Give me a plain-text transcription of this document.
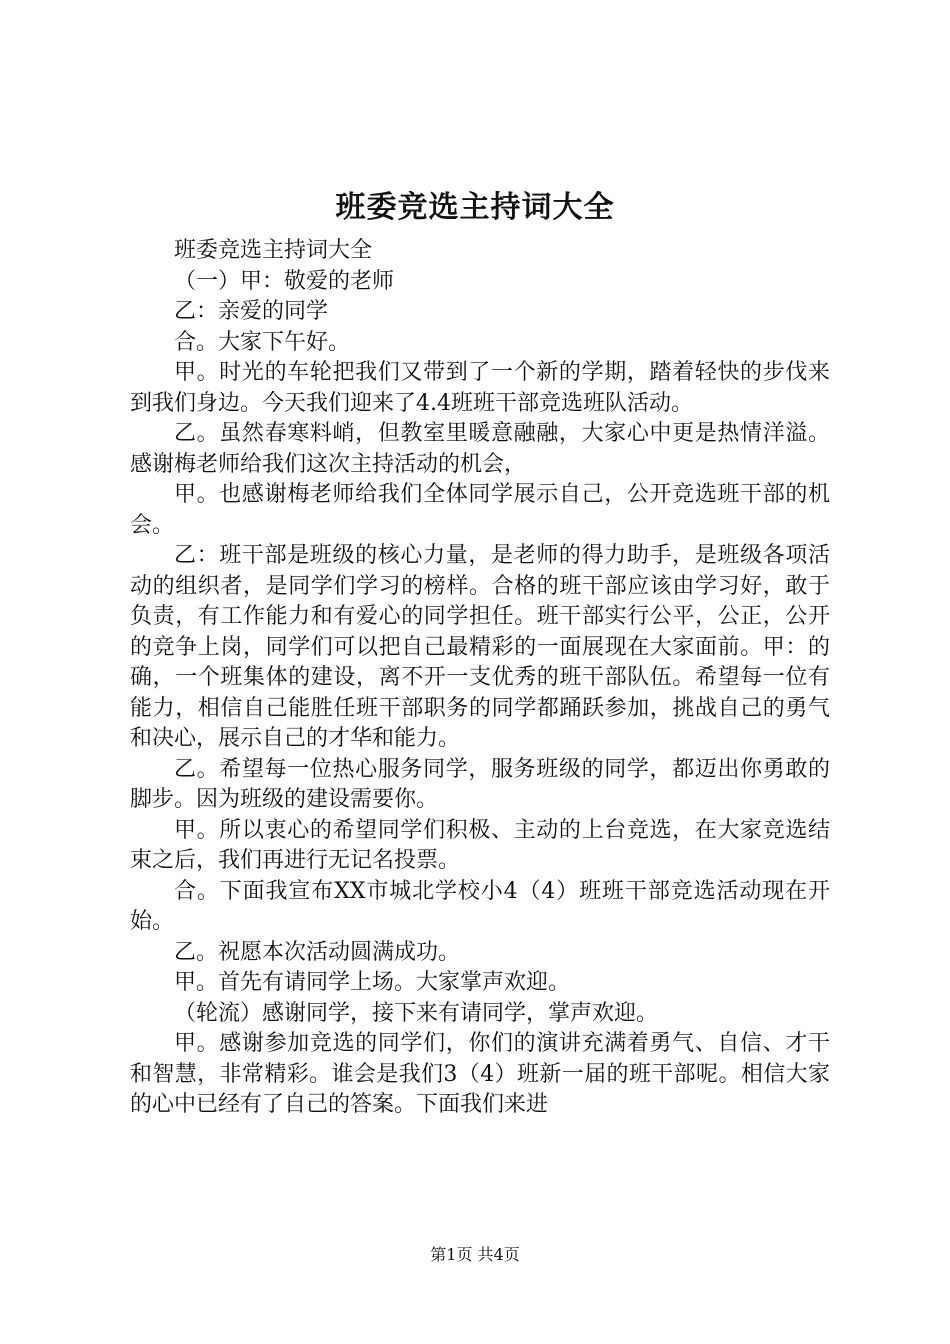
班委竞选主持词大全

班委竞选主持词大全

（一）甲：敬爱的老师

乙：亲爱的同学

合。大家下午好。

甲。时光的车轮把我们又带到了一个新的学期，踏着轻快的步伐来到我们身边。今天我们迎来了4.4班班干部竞选班队活动。

乙。虽然春寒料峭，但教室里暖意融融，大家心中更是热情洋溢。感谢梅老师给我们这次主持活动的机会，

甲。也感谢梅老师给我们全体同学展示自己，公开竞选班干部的机会。

乙：班干部是班级的核心力量，是老师的得力助手，是班级各项活动的组织者，是同学们学习的榜样。合格的班干部应该由学习好，敢于负责，有工作能力和有爱心的同学担任。班干部实行公平，公正，公开的竞争上岗，同学们可以把自己最精彩的一面展现在大家面前。甲：的确，一个班集体的建设，离不开一支优秀的班干部队伍。希望每一位有能力，相信自己能胜任班干部职务的同学都踊跃参加，挑战自己的勇气和决心，展示自己的才华和能力。

乙。希望每一位热心服务同学，服务班级的同学，都迈出你勇敢的脚步。因为班级的建设需要你。

甲。所以衷心的希望同学们积极、主动的上台竞选，在大家竞选结束之后，我们再进行无记名投票。

合。下面我宣布XX市城北学校小4（4）班班干部竞选活动现在开始。

乙。祝愿本次活动圆满成功。

甲。首先有请同学上场。大家掌声欢迎。

（轮流）感谢同学，接下来有请同学，掌声欢迎。

甲。感谢参加竞选的同学们，你们的演讲充满着勇气、自信、才干和智慧，非常精彩。谁会是我们3（4）班新一届的班干部呢。相信大家的心中已经有了自己的答案。下面我们来进

第1页 共4页
